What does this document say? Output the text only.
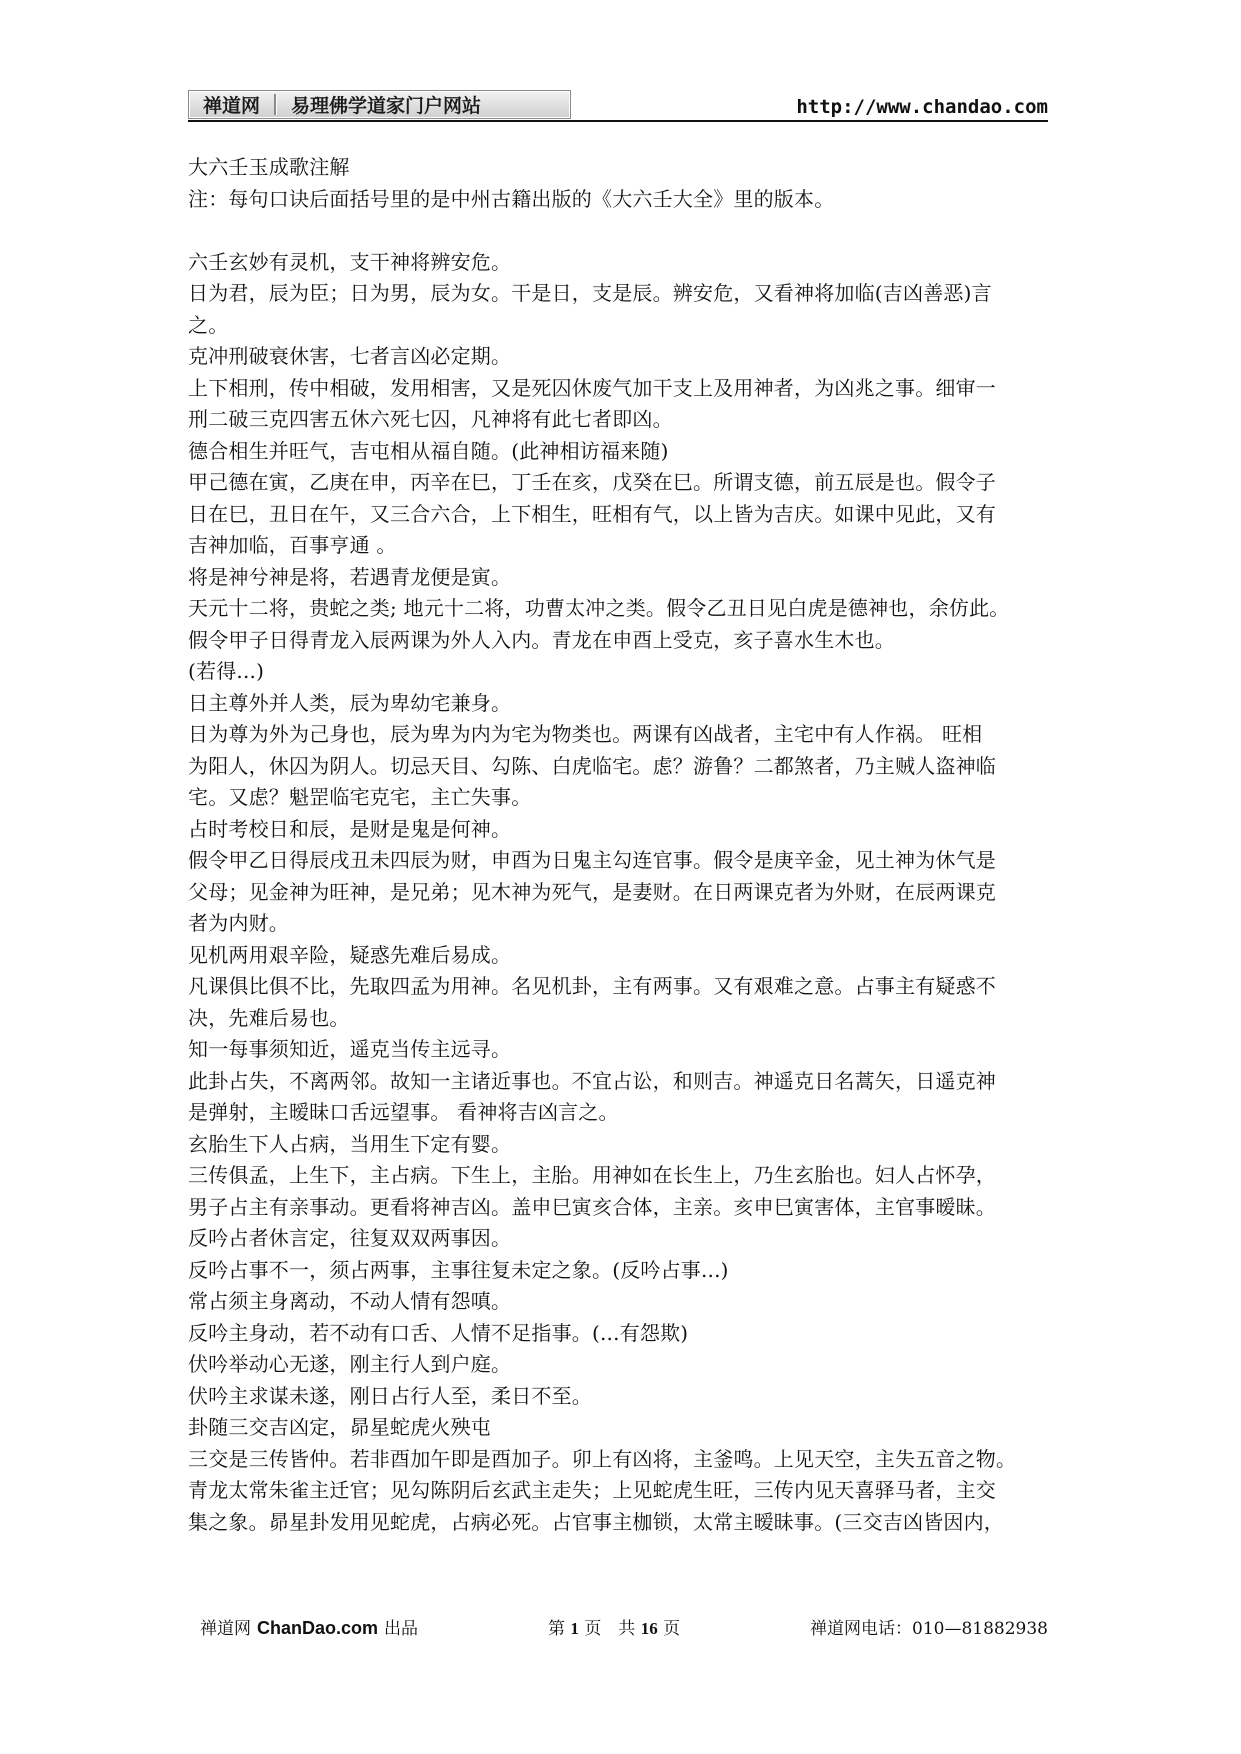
禅道网	易理佛学道家门户网站	http://www.chandao.com
大六壬玉成歌注解
注：每句口诀后面括号里的是中州古籍出版的《大六壬大全》里的版本。
六壬玄妙有灵机，支干神将辨安危。
日为君，辰为臣；日为男，辰为女。干是日，支是辰。辨安危，又看神将加临(吉凶善恶)言
之。
克冲刑破衰休害，七者言凶必定期。
上下相刑，传中相破，发用相害，又是死囚休废气加干支上及用神者，为凶兆之事。细审一
刑二破三克四害五休六死七囚，凡神将有此七者即凶。
德合相生并旺气，吉屯相从福自随。(此神相访福来随)
甲己德在寅，乙庚在申，丙辛在巳，丁壬在亥，戊癸在巳。所谓支德，前五辰是也。假令子
日在巳，丑日在午，又三合六合，上下相生，旺相有气，以上皆为吉庆。如课中见此，又有
吉神加临，百事亨通 。
将是神兮神是将，若遇青龙便是寅。
天元十二将，贵蛇之类; 地元十二将，功曹太冲之类。假令乙丑日见白虎是德神也，余仿此。
假令甲子日得青龙入辰两课为外人入内。青龙在申酉上受克，亥子喜水生木也。
(若得...)
日主尊外并人类，辰为卑幼宅兼身。
日为尊为外为己身也，辰为卑为内为宅为物类也。两课有凶战者，主宅中有人作祸。 旺相
为阳人，休囚为阴人。切忌天目、勾陈、白虎临宅。虑？游鲁？二都煞者，乃主贼人盗神临
宅。又虑？魁罡临宅克宅，主亡失事。
占时考校日和辰，是财是鬼是何神。
假令甲乙日得辰戌丑未四辰为财，申酉为日鬼主勾连官事。假令是庚辛金，见土神为休气是
父母；见金神为旺神，是兄弟；见木神为死气，是妻财。在日两课克者为外财，在辰两课克
者为内财。
见机两用艰辛险，疑惑先难后易成。
凡课俱比俱不比，先取四孟为用神。名见机卦，主有两事。又有艰难之意。占事主有疑惑不
决，先难后易也。
知一每事须知近，遥克当传主远寻。
此卦占失，不离两邻。故知一主诸近事也。不宜占讼，和则吉。神遥克日名蒿矢，日遥克神
是弹射，主暧昧口舌远望事。 看神将吉凶言之。
玄胎生下人占病，当用生下定有婴。
三传俱孟，上生下，主占病。下生上，主胎。用神如在长生上，乃生玄胎也。妇人占怀孕，
男子占主有亲事动。更看将神吉凶。盖申巳寅亥合体，主亲。亥申巳寅害体，主官事暧昧。
反吟占者休言定，往复双双两事因。
反吟占事不一，须占两事，主事往复未定之象。(反吟占事...)
常占须主身离动，不动人情有怨嗔。
反吟主身动，若不动有口舌、人情不足指事。(...有怨欺)
伏吟举动心无遂，刚主行人到户庭。
伏吟主求谋未遂，刚日占行人至，柔日不至。
卦随三交吉凶定，昴星蛇虎火殃屯
三交是三传皆仲。若非酉加午即是酉加子。卯上有凶将，主釜鸣。上见天空，主失五音之物。
青龙太常朱雀主迁官；见勾陈阴后玄武主走失；上见蛇虎生旺，三传内见天喜驿马者，主交
集之象。昴星卦发用见蛇虎，占病必死。占官事主枷锁，太常主暧昧事。(三交吉凶皆因内，
禅道网 ChanDao.com 出品	第 1 页　共 16 页	禅道网电话：010—81882938
